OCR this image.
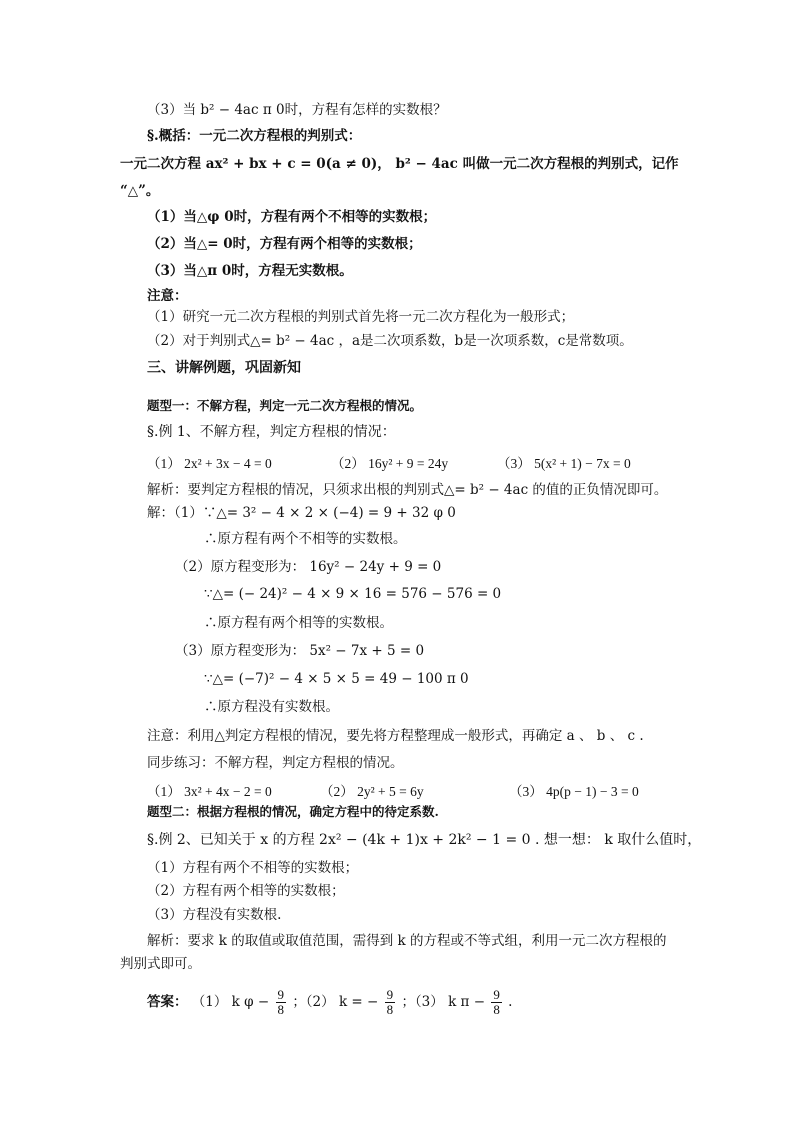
（3）当 b² − 4ac π 0时，方程有怎样的实数根？
§.概括：一元二次方程根的判别式：
一元二次方程 ax² + bx + c = 0(a ≠ 0)， b² − 4ac 叫做一元二次方程根的判别式，记作
“△”。
（1）当△φ 0时，方程有两个不相等的实数根；
（2）当△= 0时，方程有两个相等的实数根；
（3）当△π 0时，方程无实数根。
注意：
（1）研究一元二次方程根的判别式首先将一元二次方程化为一般形式；
（2）对于判别式△= b² − 4ac ，a是二次项系数，b是一次项系数，c是常数项。
三、讲解例题，巩固新知
题型一：不解方程，判定一元二次方程根的情况。
§.例 1、不解方程，判定方程根的情况：
（1） 2x² + 3x − 4 = 0	（2） 16y² + 9 = 24y	（3） 5(x² + 1) − 7x = 0
解析：要判定方程根的情况，只须求出根的判别式△= b² − 4ac 的值的正负情况即可。
解：（1）∵△= 3² − 4 × 2 × (−4) = 9 + 32 φ 0
∴原方程有两个不相等的实数根。
（2）原方程变形为： 16y² − 24y + 9 = 0
∵△= (− 24)² − 4 × 9 × 16 = 576 − 576 = 0
∴原方程有两个相等的实数根。
（3）原方程变形为： 5x² − 7x + 5 = 0
∵△= (−7)² − 4 × 5 × 5 = 49 − 100 π 0
∴原方程没有实数根。
注意：利用△判定方程根的情况，要先将方程整理成一般形式，再确定 a 、 b 、 c .
同步练习：不解方程，判定方程根的情况。
（1） 3x² + 4x − 2 = 0	（2） 2y² + 5 = 6y	（3） 4p(p − 1) − 3 = 0
题型二：根据方程根的情况，确定方程中的待定系数.
§.例 2、已知关于 x 的方程 2x² − (4k + 1)x + 2k² − 1 = 0 . 想一想： k 取什么值时，
（1）方程有两个不相等的实数根；
（2）方程有两个相等的实数根；
（3）方程没有实数根.
解析：要求 k 的取值或取值范围，需得到 k 的方程或不等式组，利用一元二次方程根的
判别式即可。
答案： （1） k $\varphi - \frac{9}{8}$ ；（2） k = − $\frac{9}{8}$ ；（3） k $\pi - \frac{9}{8}$ .
